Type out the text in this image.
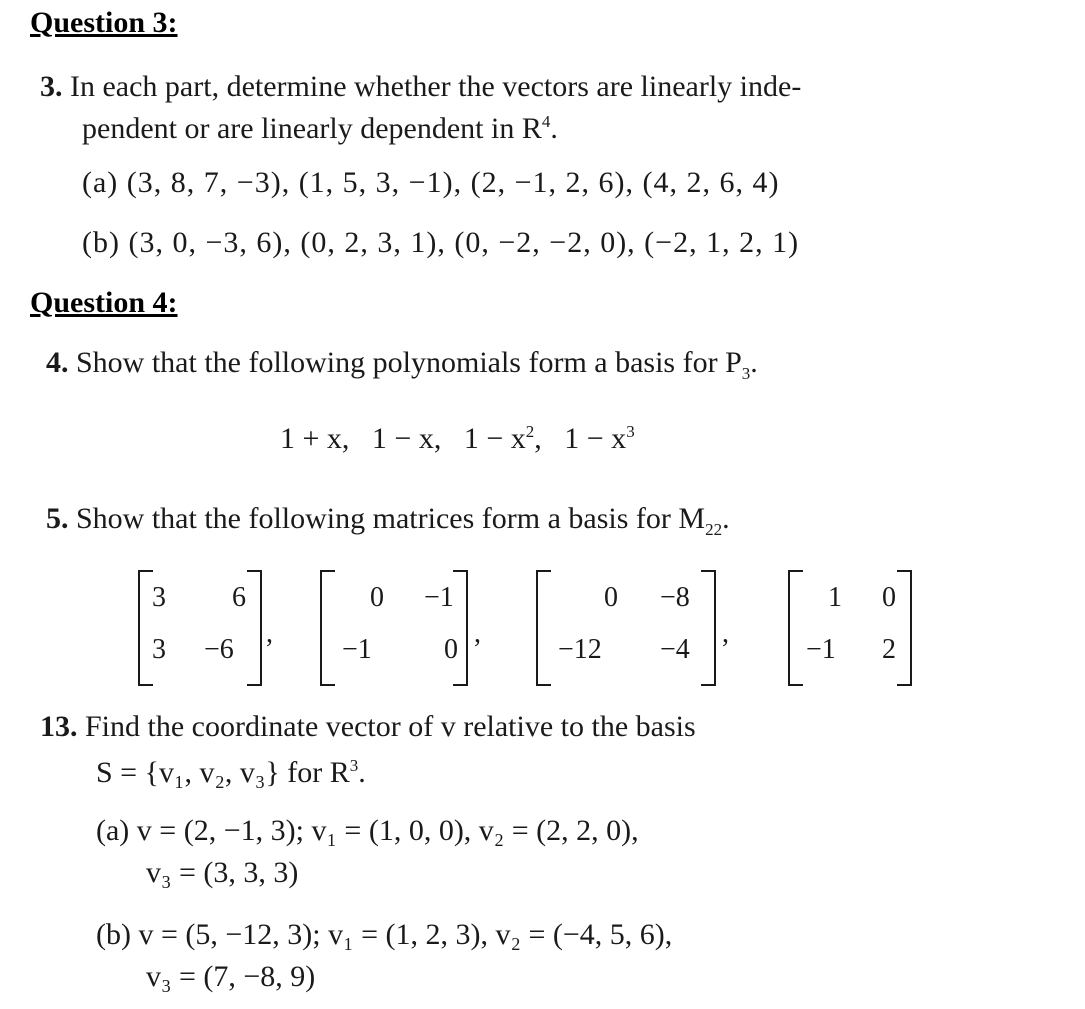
Question 3:
3. In each part, determine whether the vectors are linearly inde-
pendent or are linearly dependent in $R^4$.
(a) (3, 8, 7, −3), (1, 5, 3, −1), (2, −1, 2, 6), (4, 2, 6, 4)
(b) (3, 0, −3, 6), (0, 2, 3, 1), (0, −2, −2, 0), (−2, 1, 2, 1)
Question 4:
4. Show that the following polynomials form a basis for $P_3$.
1 + x, 1 − x, $1 - x^2$, $1 - x^3$
5. Show that the following matrices form a basis for $M_{22}$.
3 6
3 −6
,
0 −1
−1	0
,
0 −8
−12 −4
,
1 0
−1 2
13. Find the coordinate vector of v relative to the basis
S = {v₁, v₂, v₃} for $R^3$.
(a) v = (2, −1, 3); v₁ = (1, 0, 0), v₂ = (2, 2, 0),
v₃ = (3, 3, 3)
(b) v = (5, −12, 3); v₁ = (1, 2, 3), v₂ = (−4, 5, 6),
v₃ = (7, −8, 9)
